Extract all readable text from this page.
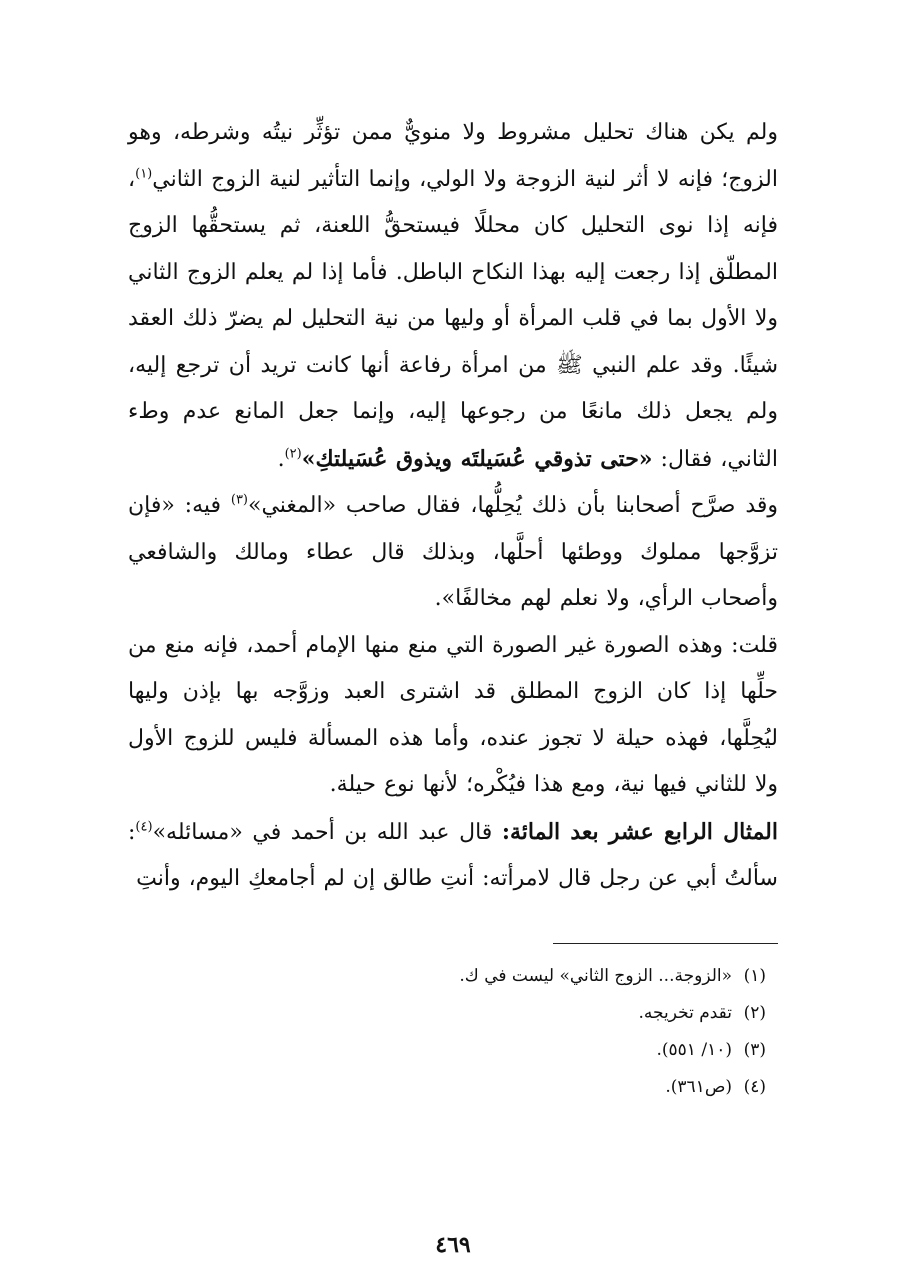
ولم يكن هناك تحليل مشروط ولا منويٌّ ممن تؤثِّر نيتُه وشرطه، وهو الزوج؛ فإنه لا أثر لنية الزوجة ولا الولي، وإنما التأثير لنية الزوج الثاني$^{(١)}$، فإنه إذا نوى التحليل كان محللًا فيستحقُّ اللعنة، ثم يستحقُّها الزوج المطلّق إذا رجعت إليه بهذا النكاح الباطل. فأما إذا لم يعلم الزوج الثاني ولا الأول بما في قلب المرأة أو وليها من نية التحليل لم يضرّ ذلك العقد شيئًا. وقد علم النبي ﷺ من امرأة رفاعة أنها كانت تريد أن ترجع إليه، ولم يجعل ذلك مانعًا من رجوعها إليه، وإنما جعل المانع عدم وطء الثاني، فقال: «حتى تذوقي عُسَيلتَه ويذوق عُسَيلتكِ»$^{(٢)}$.

وقد صرَّح أصحابنا بأن ذلك يُحِلُّها، فقال صاحب «المغني»$^{(٣)}$ فيه: «فإن تزوَّجها مملوك ووطئها أحلَّها، وبذلك قال عطاء ومالك والشافعي وأصحاب الرأي، ولا نعلم لهم مخالفًا».

قلت: وهذه الصورة غير الصورة التي منع منها الإمام أحمد، فإنه منع من حلِّها إذا كان الزوج المطلق قد اشترى العبد وزوَّجه بها بإذن وليها ليُحِلَّها، فهذه حيلة لا تجوز عنده، وأما هذه المسألة فليس للزوج الأول ولا للثاني فيها نية، ومع هذا فيُكْره؛ لأنها نوع حيلة.

المثال الرابع عشر بعد المائة: قال عبد الله بن أحمد في «مسائله»$^{(٤)}$: سألتُ أبي عن رجل قال لامرأته: أنتِ طالق إن لم أجامعكِ اليوم، وأنتِ

(١)«الزوجة... الزوج الثاني» ليست في ك.
(٢)تقدم تخريجه.
(٣)(١٠/ ٥٥١).
(٤)(ص٣٦١).
٤٦٩
